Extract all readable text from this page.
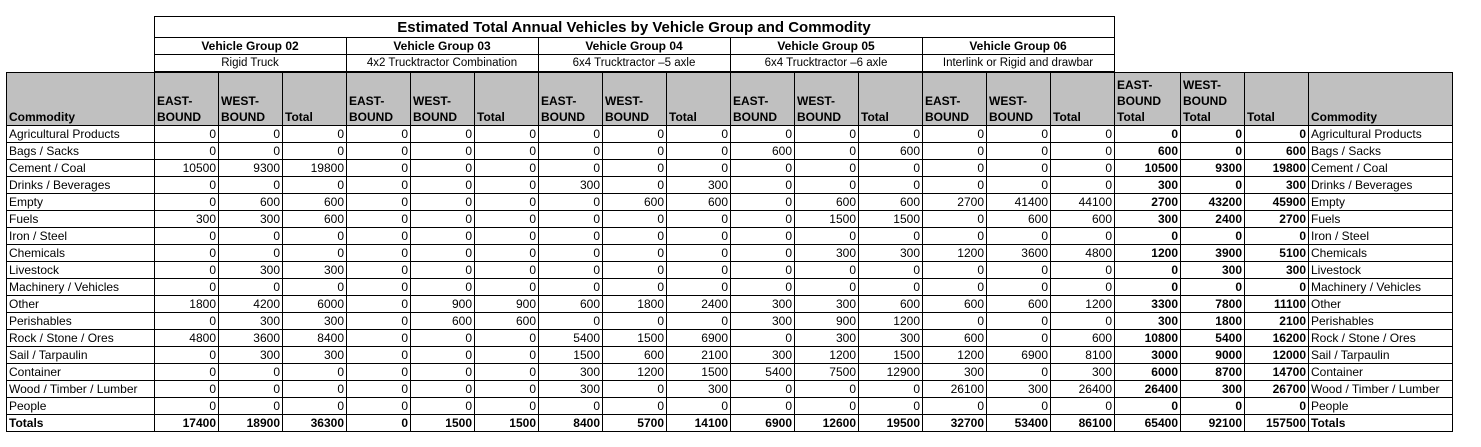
	Estimated Total Annual Vehicles by Vehicle Group and Commodity				
	Vehicle Group 02	Vehicle Group 03	Vehicle Group 04	Vehicle Group 05	Vehicle Group 06
	Rigid Truck	4x2 Trucktractor Combination	6x4 Trucktractor –5 axle	6x4 Trucktractor –6 axle	Interlink or Rigid and drawbar
Commodity	EAST-BOUND	WEST-BOUND	Total	EAST-BOUND	WEST-BOUND	Total	EAST-BOUND	WEST-BOUND	Total	EAST-BOUND	WEST-BOUND	Total	EAST-BOUND	WEST-BOUND	Total	EAST-BOUND Total	WEST-BOUND Total	Total	Commodity
Agricultural Products	0	0	0	0	0	0	0	0	0	0	0	0	0	0	0	0	0	0	Agricultural Products
Bags / Sacks	0	0	0	0	0	0	0	0	0	600	0	600	0	0	0	600	0	600	Bags / Sacks
Cement / Coal	10500	9300	19800	0	0	0	0	0	0	0	0	0	0	0	0	10500	9300	19800	Cement / Coal
Drinks / Beverages	0	0	0	0	0	0	300	0	300	0	0	0	0	0	0	300	0	300	Drinks / Beverages
Empty	0	600	600	0	0	0	0	600	600	0	600	600	2700	41400	44100	2700	43200	45900	Empty
Fuels	300	300	600	0	0	0	0	0	0	0	1500	1500	0	600	600	300	2400	2700	Fuels
Iron / Steel	0	0	0	0	0	0	0	0	0	0	0	0	0	0	0	0	0	0	Iron / Steel
Chemicals	0	0	0	0	0	0	0	0	0	0	300	300	1200	3600	4800	1200	3900	5100	Chemicals
Livestock	0	300	300	0	0	0	0	0	0	0	0	0	0	0	0	0	300	300	Livestock
Machinery / Vehicles	0	0	0	0	0	0	0	0	0	0	0	0	0	0	0	0	0	0	Machinery / Vehicles
Other	1800	4200	6000	0	900	900	600	1800	2400	300	300	600	600	600	1200	3300	7800	11100	Other
Perishables	0	300	300	0	600	600	0	0	0	300	900	1200	0	0	0	300	1800	2100	Perishables
Rock / Stone / Ores	4800	3600	8400	0	0	0	5400	1500	6900	0	300	300	600	0	600	10800	5400	16200	Rock / Stone / Ores
Sail / Tarpaulin	0	300	300	0	0	0	1500	600	2100	300	1200	1500	1200	6900	8100	3000	9000	12000	Sail / Tarpaulin
Container	0	0	0	0	0	0	300	1200	1500	5400	7500	12900	300	0	300	6000	8700	14700	Container
Wood / Timber / Lumber	0	0	0	0	0	0	300	0	300	0	0	0	26100	300	26400	26400	300	26700	Wood / Timber / Lumber
People	0	0	0	0	0	0	0	0	0	0	0	0	0	0	0	0	0	0	People
Totals	17400	18900	36300	0	1500	1500	8400	5700	14100	6900	12600	19500	32700	53400	86100	65400	92100	157500	Totals
